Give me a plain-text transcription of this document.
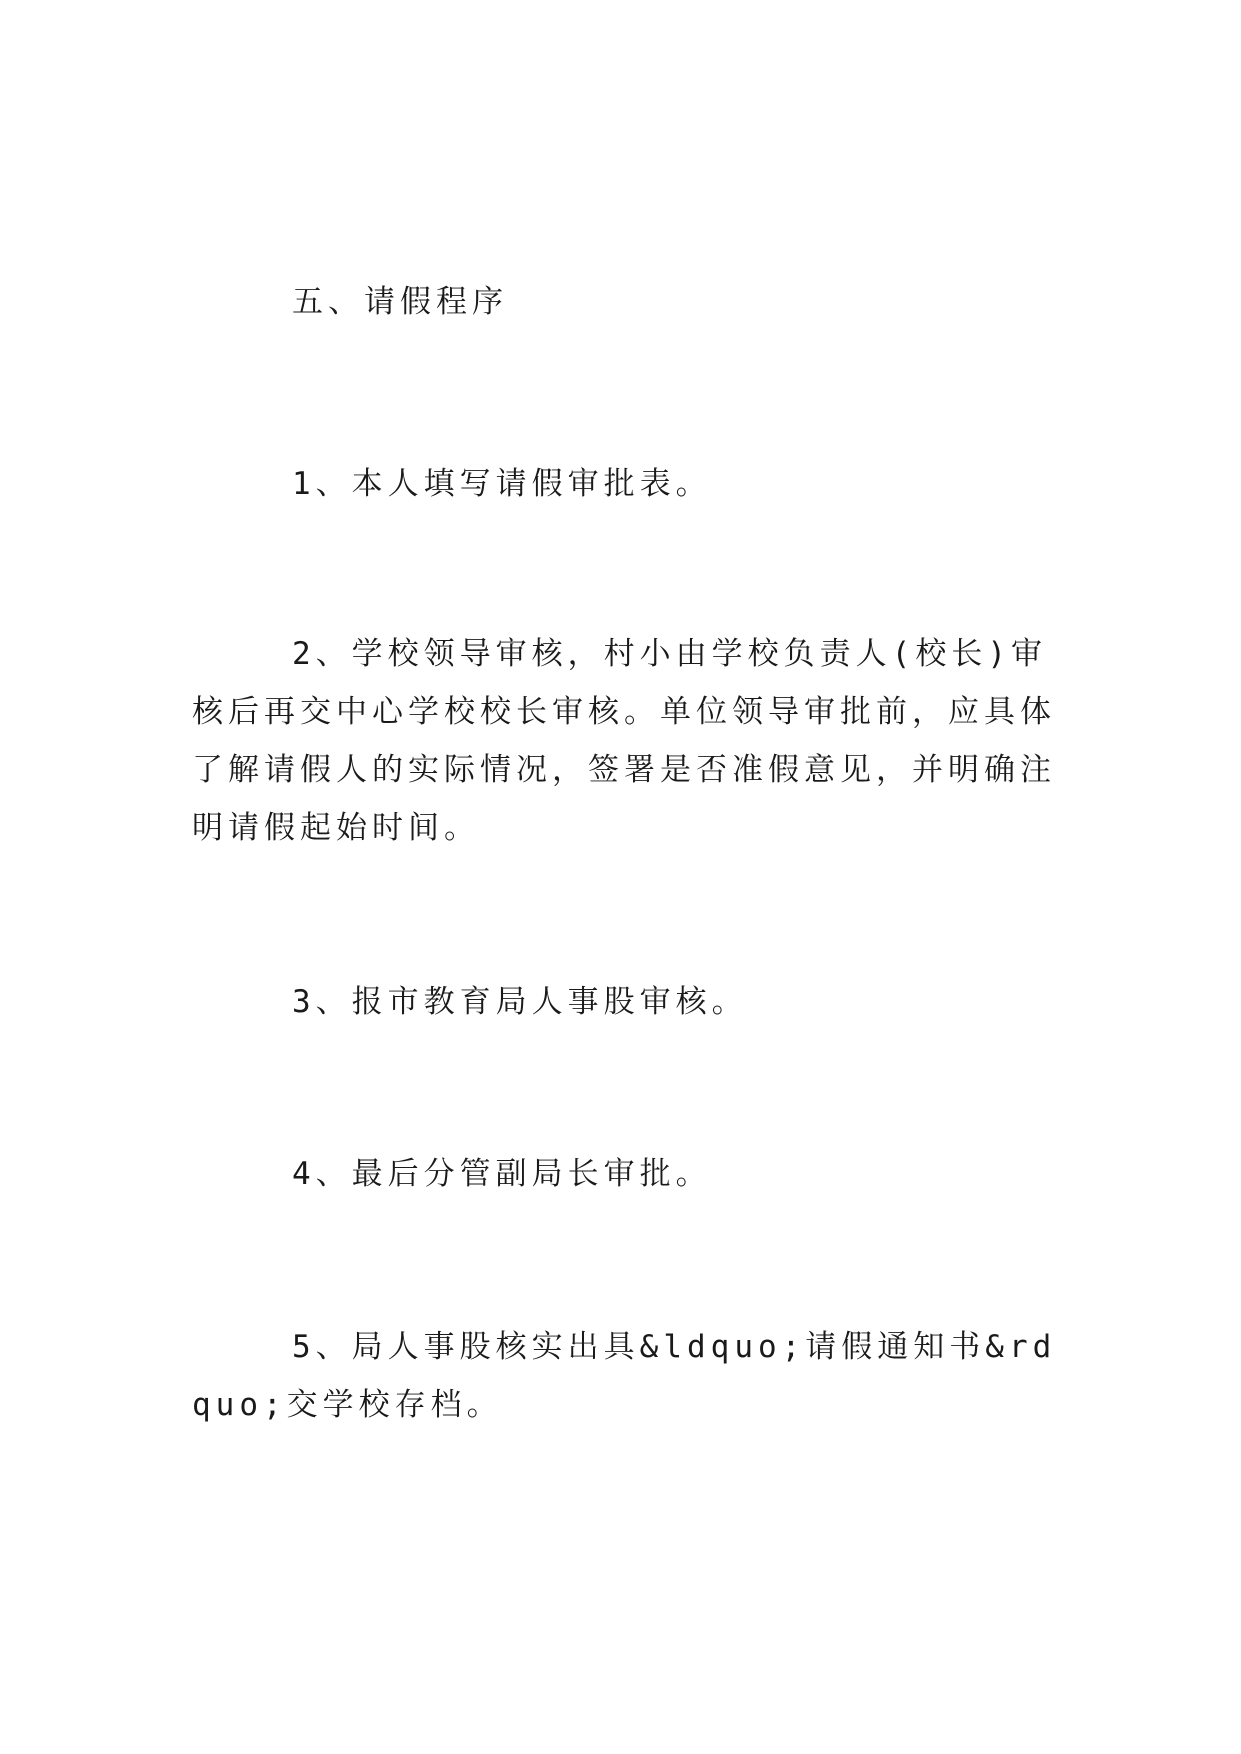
五、请假程序

1、本人填写请假审批表。

2、学校领导审核，村小由学校负责人(校长)审核后再交中心学校校长审核。单位领导审批前，应具体了解请假人的实际情况，签署是否准假意见，并明确注明请假起始时间。

3、报市教育局人事股审核。

4、最后分管副局长审批。

5、局人事股核实出具&ldquo;请假通知书&rdquo;交学校存档。
